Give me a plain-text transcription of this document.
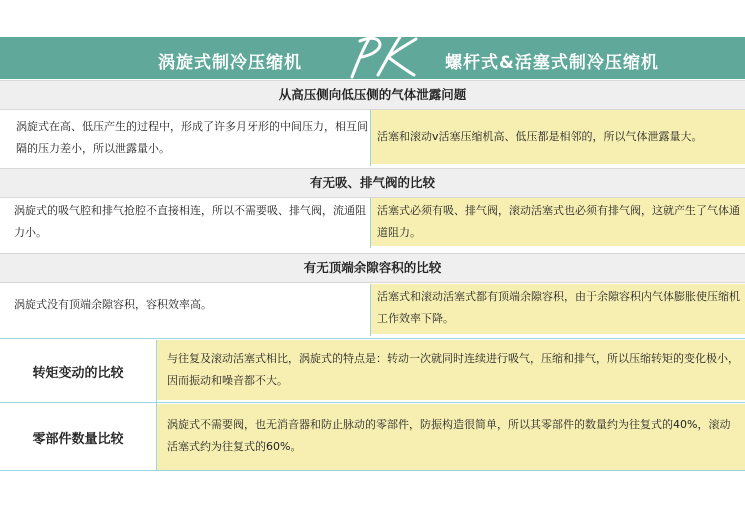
涡旋式制冷压缩机	螺杆式&活塞式制冷压缩机
从高压侧向低压侧的气体泄露问题
涡旋式在高、低压产生的过程中，形成了许多月牙形的中间压力，相互间隔的压力差小，所以泄露量小。
活塞和滚动v活塞压缩机高、低压都是相邻的，所以气体泄露量大。
有无吸、排气阀的比较
涡旋式的吸气腔和排气抢腔不直接相连，所以不需要吸、排气阀，流通阻力小。
活塞式必须有吸、排气阀，滚动活塞式也必须有排气阀，这就产生了气体通道阻力。
有无顶端余隙容积的比较
涡旋式没有顶端余隙容积，容积效率高。
活塞式和滚动活塞式都有顶端余隙容积，由于余隙容积内气体膨胀使压缩机工作效率下降。
转矩变动的比较
与往复及滚动活塞式相比，涡旋式的特点是：转动一次就同时连续进行吸气，压缩和排气，所以压缩转矩的变化极小，因而振动和噪音都不大。
零部件数量比较
涡旋式不需要阀，也无消音器和防止脉动的零部件，防振构造很简单，所以其零部件的数量约为往复式的40%，滚动活塞式约为往复式的60%。
